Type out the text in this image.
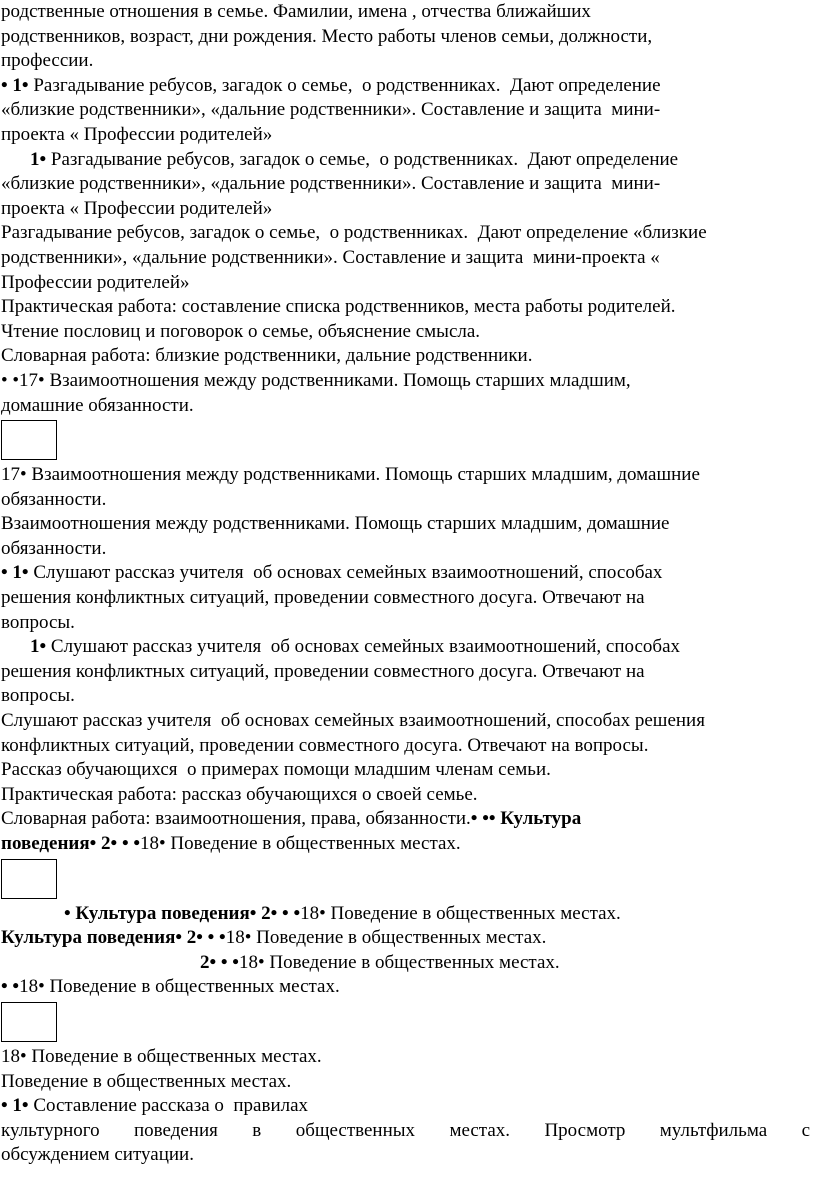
родственные отношения в семье. Фамилии, имена , отчества ближайших
родственников, возраст, дни рождения. Место работы членов семьи, должности,
профессии.
• 1• Разгадывание ребусов, загадок о семье,  о родственниках.  Дают определение
«близкие родственники», «дальние родственники». Составление и защита  мини-
проекта « Профессии родителей»
1• Разгадывание ребусов, загадок о семье,  о родственниках.  Дают определение
«близкие родственники», «дальние родственники». Составление и защита  мини-
проекта « Профессии родителей»
Разгадывание ребусов, загадок о семье,  о родственниках.  Дают определение «близкие
родственники», «дальние родственники». Составление и защита  мини-проекта «
Профессии родителей»
Практическая работа: составление списка родственников, места работы родителей.
Чтение пословиц и поговорок о семье, объяснение смысла.
Словарная работа: близкие родственники, дальние родственники.
• •17• Взаимоотношения между родственниками. Помощь старших младшим,
домашние обязанности.
17• Взаимоотношения между родственниками. Помощь старших младшим, домашние
обязанности.
Взаимоотношения между родственниками. Помощь старших младшим, домашние
обязанности.
• 1• Слушают рассказ учителя  об основах семейных взаимоотношений, способах
решения конфликтных ситуаций, проведении совместного досуга. Отвечают на
вопросы.
1• Слушают рассказ учителя  об основах семейных взаимоотношений, способах
решения конфликтных ситуаций, проведении совместного досуга. Отвечают на
вопросы.
Слушают рассказ учителя  об основах семейных взаимоотношений, способах решения
конфликтных ситуаций, проведении совместного досуга. Отвечают на вопросы.
Рассказ обучающихся  о примерах помощи младшим членам семьи.
Практическая работа: рассказ обучающихся о своей семье.
Словарная работа: взаимоотношения, права, обязанности.• •• Культура
поведения• 2• • •18• Поведение в общественных местах.
• Культура поведения• 2• • •18• Поведение в общественных местах.
Культура поведения• 2• • •18• Поведение в общественных местах.
2• • •18• Поведение в общественных местах.
• •18• Поведение в общественных местах.
18• Поведение в общественных местах.
Поведение в общественных местах.
• 1• Составление рассказа о  правилах
культурного поведения в общественных местах. Просмотр мультфильма с
обсуждением ситуации.
